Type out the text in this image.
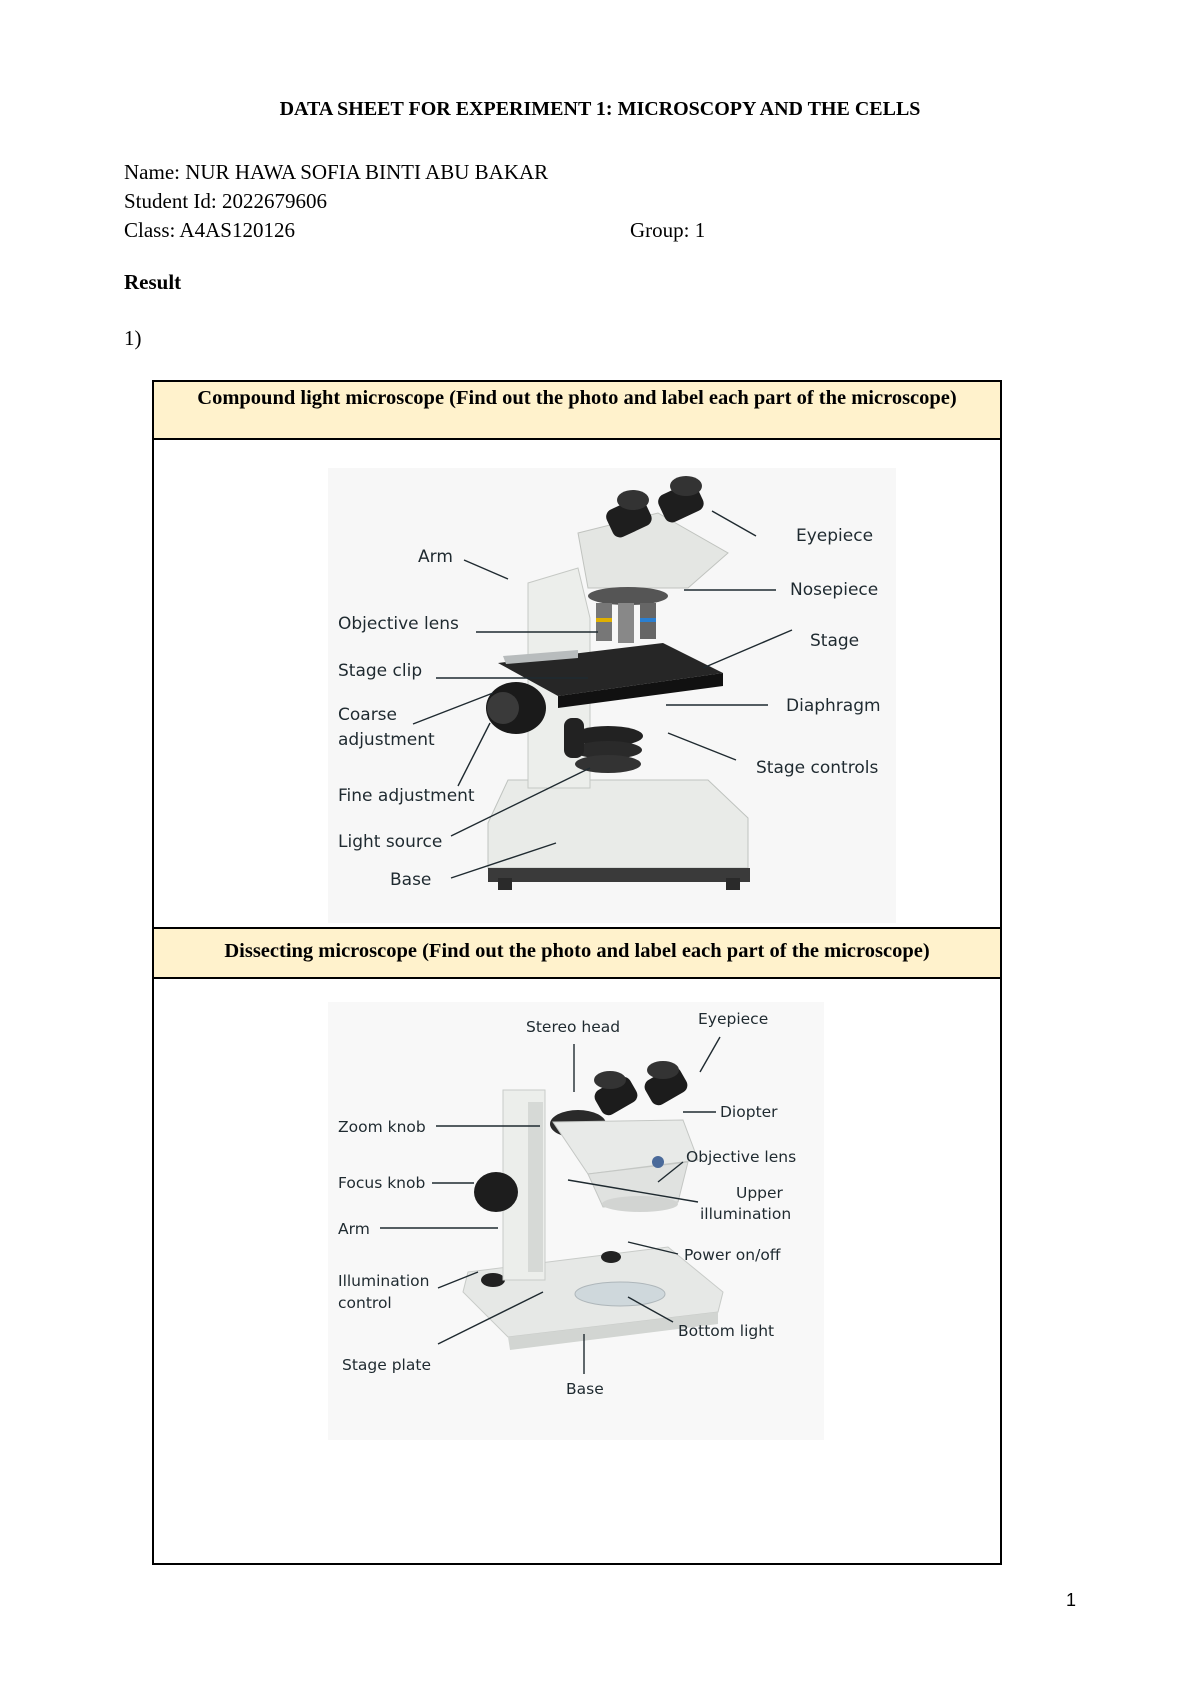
DATA SHEET FOR EXPERIMENT 1: MICROSCOPY AND THE CELLS
Name: NUR HAWA SOFIA BINTI ABU BAKAR
Student Id: 2022679606
Class: A4AS120126	Group: 1
Result
1)
Compound light microscope (Find out the photo and label each part of the microscope)
Arm
Objective lens
Stage clip
Coarse
adjustment
Fine adjustment
Light source
Base
Eyepiece
Nosepiece
Stage
Diaphragm
Stage controls
Dissecting microscope (Find out the photo and label each part of the microscope)
Stereo head	Eyepiece
Zoom knob
Diopter
Objective lens
Focus knob
Upper
illumination
Arm
Power on/off
Illumination
control
Bottom light
Stage plate
Base
1
